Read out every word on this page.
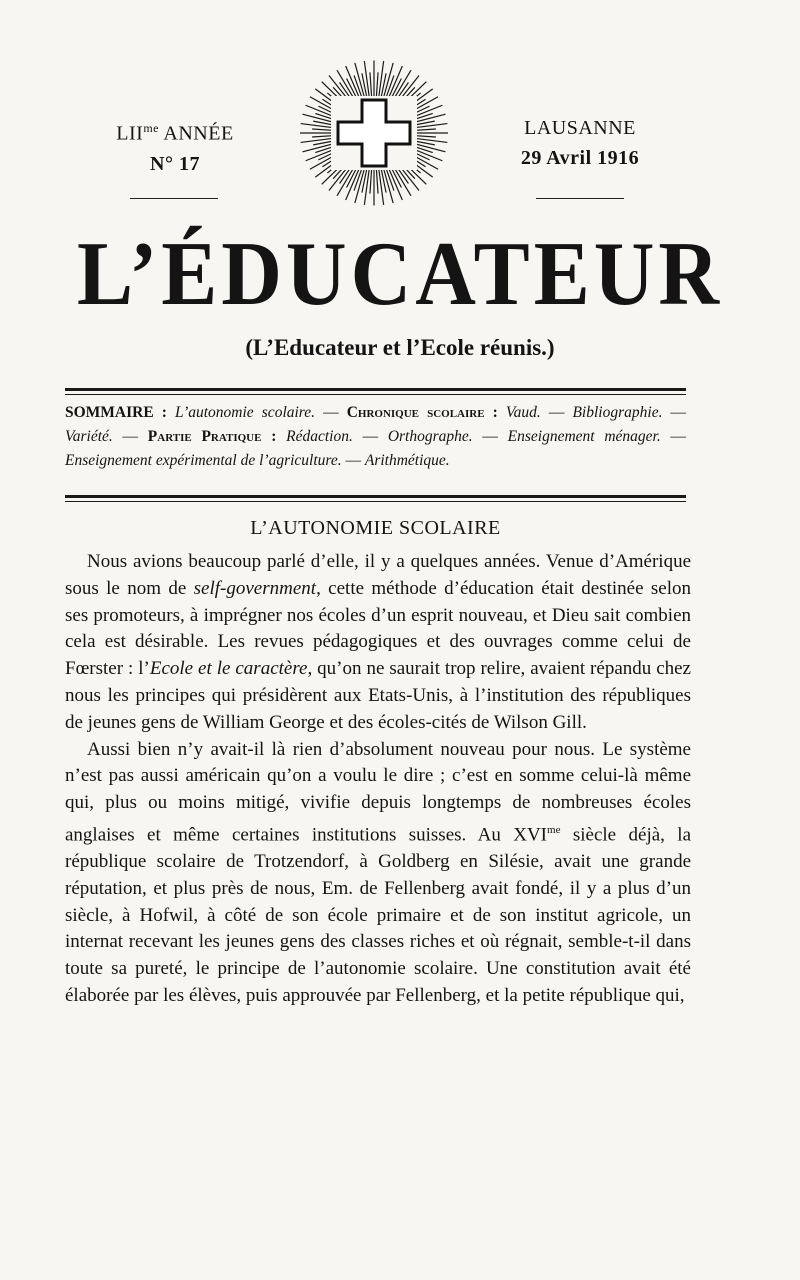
$LII^{me}$ ANNÉE
N° 17
LAUSANNE
29 Avril 1916
L’ÉDUCATEUR
(L’Educateur et l’Ecole réunis.)
SOMMAIRE : L’autonomie scolaire. — Chronique scolaire : Vaud. — Bibliographie. — Variété. — Partie Pratique : Rédaction. — Orthographe. — Enseignement ménager. — Enseignement expérimental de l’agriculture. — Arithmétique.
L’AUTONOMIE SCOLAIRE

Nous avions beaucoup parlé d’elle, il y a quelques années. Venue d’Amérique sous le nom de self-government, cette méthode d’éducation était destinée selon ses promoteurs, à imprégner nos écoles d’un esprit nouveau, et Dieu sait combien cela est désirable. Les revues pédagogiques et des ouvrages comme celui de Fœrster : l’Ecole et le caractère, qu’on ne saurait trop relire, avaient répandu chez nous les principes qui présidèrent aux Etats-Unis, à l’institution des républiques de jeunes gens de William George et des écoles-cités de Wilson Gill.

Aussi bien n’y avait-il là rien d’absolument nouveau pour nous. Le système n’est pas aussi américain qu’on a voulu le dire ; c’est en somme celui-là même qui, plus ou moins mitigé, vivifie depuis longtemps de nombreuses écoles anglaises et même certaines institutions suisses. Au $XVI^{me}$ siècle déjà, la république scolaire de Trotzendorf, à Goldberg en Silésie, avait une grande réputation, et plus près de nous, Em. de Fellenberg avait fondé, il y a plus d’un siècle, à Hofwil, à côté de son école primaire et de son institut agricole, un internat recevant les jeunes gens des classes riches et où régnait, semble-t-il dans toute sa pureté, le principe de l’autonomie scolaire. Une constitution avait été élaborée par les élèves, puis approuvée par Fellenberg, et la petite république qui,
